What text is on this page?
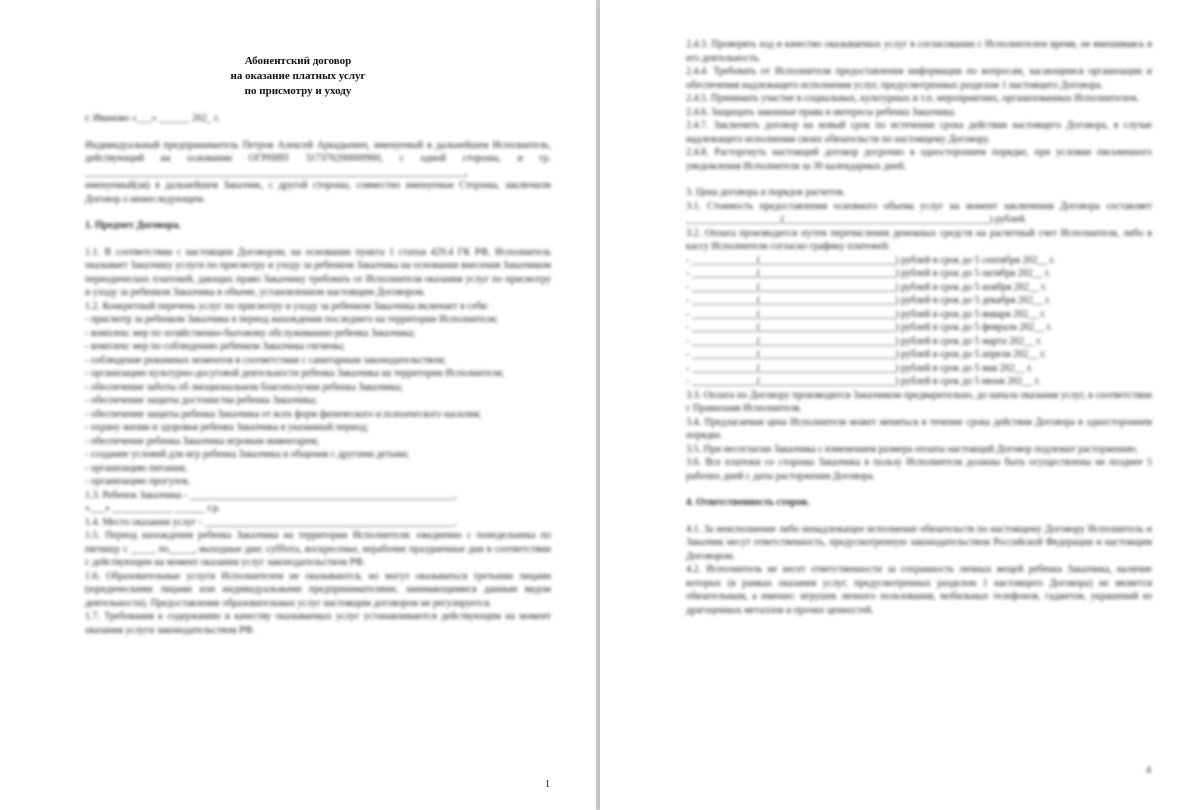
Абонентский договор
на оказание платных услуг
по присмотру и уходу

г. Иваново «___» ______ 202_ г.

Индивидуальный предприниматель Петров Алексей Аркадьевич, именуемый в дальнейшем Исполнитель, действующий на основании ОГРНИП 317370200000960, с одной стороны, и гр. ____________________________________________________________________________,

именуемый(ая) в дальнейшем Заказчик, с другой стороны, совместно именуемые Стороны, заключили Договор о нижеследующем:

1. Предмет Договора.

1.1. В соответствии с настоящим Договором, на основании пункта 1 статьи 429.4 ГК РФ, Исполнитель оказывает Заказчику услуги по присмотру и уходу за ребенком Заказчика на основании внесения Заказчиком периодических платежей, дающих право Заказчику требовать от Исполнителя оказания услуг по присмотру и уходу за ребенком Заказчика в объеме, установленном настоящим Договором.

1.2. Конкретный перечень услуг по присмотру и уходу за ребенком Заказчика включает в себя:

- присмотр за ребенком Заказчика в период нахождения последнего на территории Исполнителя;

- комплекс мер по хозяйственно-бытовому обслуживанию ребенка Заказчика;

- комплекс мер по соблюдению ребенком Заказчика гигиены;

- соблюдение режимных моментов в соответствии с санитарным законодательством;

- организацию культурно-досуговой деятельности ребенка Заказчика на территории Исполнителя;

- обеспечение заботы об эмоциональном благополучии ребенка Заказчика;

- обеспечение защиты достоинства ребенка Заказчика;

- обеспечение защиты ребенка Заказчика от всех форм физического и психического насилия;

- охрану жизни и здоровья ребенка Заказчика в указанный период;

- обеспечение ребенка Заказчика игровым инвентарем;

- создание условий для игр ребенка Заказчика и общения с другими детьми;

- организацию питания;

- организацию прогулок.

1.3. Ребенок Заказчика - _____________________________________________________,

«___» ____________ ______ г.р.

1.4. Место оказания услуг - __________________________________________________.

1.5. Период нахождения ребенка Заказчика на территории Исполнителя: ежедневно с понедельника по пятницу с _____ по_____, выходные дни: суббота, воскресенье, нерабочие праздничные дни в соответствии с действующим на момент оказания услуг законодательством РФ.

1.6. Образовательные услуги Исполнителем не оказываются, но могут оказываться третьими лицами (юридическими лицами или индивидуальными предпринимателями, занимающимися данным видом деятельности). Предоставление образовательных услуг настоящим договором не регулируется.

1.7. Требования к содержанию и качеству оказываемых услуг устанавливаются действующим на момент оказания услуги законодательством РФ.

1

2.4.3. Проверять ход и качество оказываемых услуг в согласовании с Исполнителем время, не вмешиваясь в его деятельность.

2.4.4. Требовать от Исполнителя предоставления информации по вопросам, касающимся организации и обеспечения надлежащего исполнения услуг, предусмотренных разделом 1 настоящего Договора.

2.4.5. Принимать участие в социальных, культурных и т.п. мероприятиях, организованных Исполнителем.

2.4.6. Защищать законные права и интересы ребенка Заказчика.

2.4.7. Заключить договор на новый срок по истечении срока действия настоящего Договора, в случае надлежащего исполнения своих обязательств по настоящему Договору.

2.4.8. Расторгнуть настоящий договор досрочно в одностороннем порядке, при условии письменного уведомления Исполнителя за 30 календарных дней.

3. Цена договора и порядок расчетов.

3.1. Стоимость предоставления основного объема услуг на момент заключения Договора составляет ___________________(_________________________________________) рублей.

3.2. Оплата производится путем перечисления денежных средств на расчетный счет Исполнителя, либо в кассу Исполнителя согласно графику платежей:

- _____________(___________________________) рублей в срок до 5 сентября 202__ г.

- _____________(___________________________) рублей в срок до 5 октября 202__ г.

- _____________(___________________________) рублей в срок до 5 ноября 202__ г.

- _____________(___________________________) рублей в срок до 5 декабря 202__ г.

- _____________(___________________________) рублей в срок до 5 января 202__ г.

- _____________(___________________________) рублей в срок до 5 февраля 202__ г.

- _____________(___________________________) рублей в срок до 5 марта 202__ г.

- _____________(___________________________) рублей в срок до 5 апреля 202__ г.

- _____________(___________________________) рублей в срок до 5 мая 202__ г.

- _____________(___________________________) рублей в срок до 5 июня 202__ г.

3.3. Оплата по Договору производится Заказчиком предварительно, до начала оказания услуг, в соответствии с Правилами Исполнителя.

3.4. Предлагаемая цена Исполнителя может меняться в течение срока действия Договора в одностороннем порядке.

3.5. При несогласии Заказчика с изменением размера оплаты настоящий Договор подлежит расторжению.

3.6. Все платежи со стороны Заказчика в пользу Исполнителя должны быть осуществлены не позднее 5 рабочих дней с даты расторжения Договора.

4. Ответственность сторон.

4.1. За неисполнение либо ненадлежащее исполнение обязательств по настоящему Договору Исполнитель и Заказчик несут ответственность, предусмотренную законодательством Российской Федерации и настоящим Договором.

4.2. Исполнитель не несет ответственности за сохранность личных вещей ребенка Заказчика, наличие которых (в рамках оказания услуг, предусмотренных разделом 1 настоящего Договора) не является обязательным, а именно: игрушек личного пользования, мобильных телефонов, гаджетов, украшений из драгоценных металлов и прочих ценностей.

4
